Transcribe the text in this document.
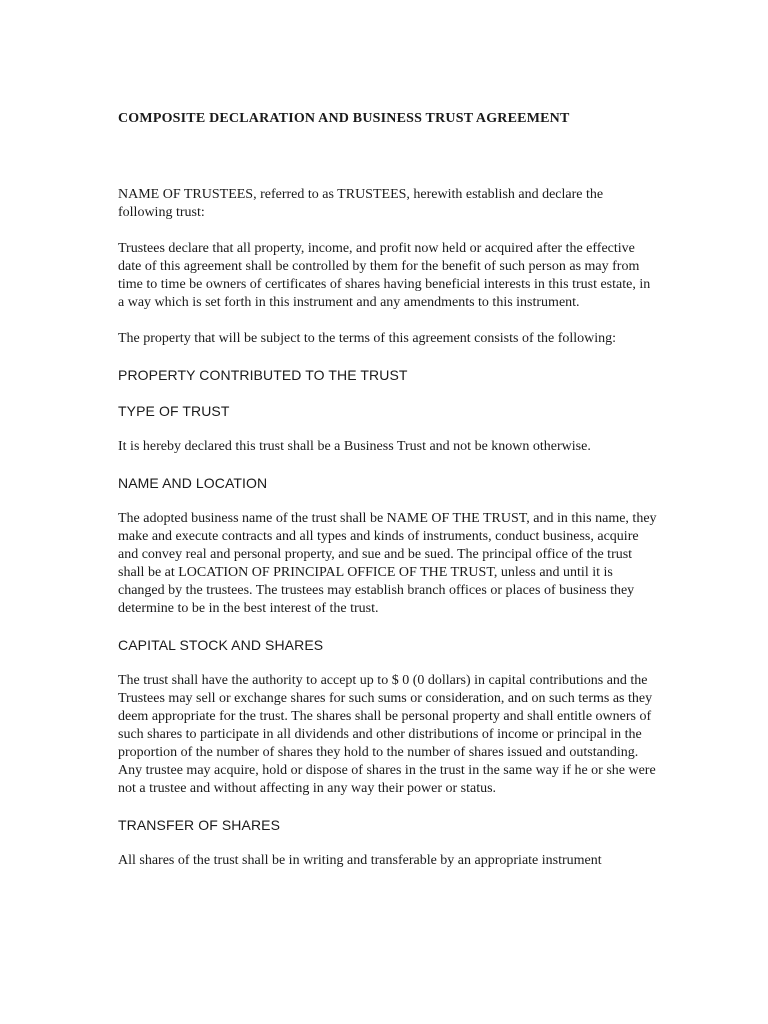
COMPOSITE DECLARATION AND BUSINESS TRUST AGREEMENT
NAME OF TRUSTEES, referred to as TRUSTEES, herewith establish and declare the following trust:
Trustees declare that all property, income, and profit now held or acquired after the effective date of this agreement shall be controlled by them for the benefit of such person as may from time to time be owners of certificates of shares having beneficial interests in this trust estate, in a way which is set forth in this instrument and any amendments to this instrument.
The property that will be subject to the terms of this agreement consists of the following:
PROPERTY CONTRIBUTED TO THE TRUST
TYPE OF TRUST
It is hereby declared this trust shall be a Business Trust and not be known otherwise.
NAME AND LOCATION
The adopted business name of the trust shall be NAME OF THE TRUST, and in this name, they make and execute contracts and all types and kinds of instruments, conduct business, acquire and convey real and personal property, and sue and be sued. The principal office of the trust shall be at LOCATION OF PRINCIPAL OFFICE OF THE TRUST, unless and until it is changed by the trustees. The trustees may establish branch offices or places of business they determine to be in the best interest of the trust.
CAPITAL STOCK AND SHARES
The trust shall have the authority to accept up to $ 0 (0 dollars) in capital contributions and the Trustees may sell or exchange shares for such sums or consideration, and on such terms as they deem appropriate for the trust. The shares shall be personal property and shall entitle owners of such shares to participate in all dividends and other distributions of income or principal in the proportion of the number of shares they hold to the number of shares issued and outstanding. Any trustee may acquire, hold or dispose of shares in the trust in the same way if he or she were not a trustee and without affecting in any way their power or status.
TRANSFER OF SHARES
All shares of the trust shall be in writing and transferable by an appropriate instrument
